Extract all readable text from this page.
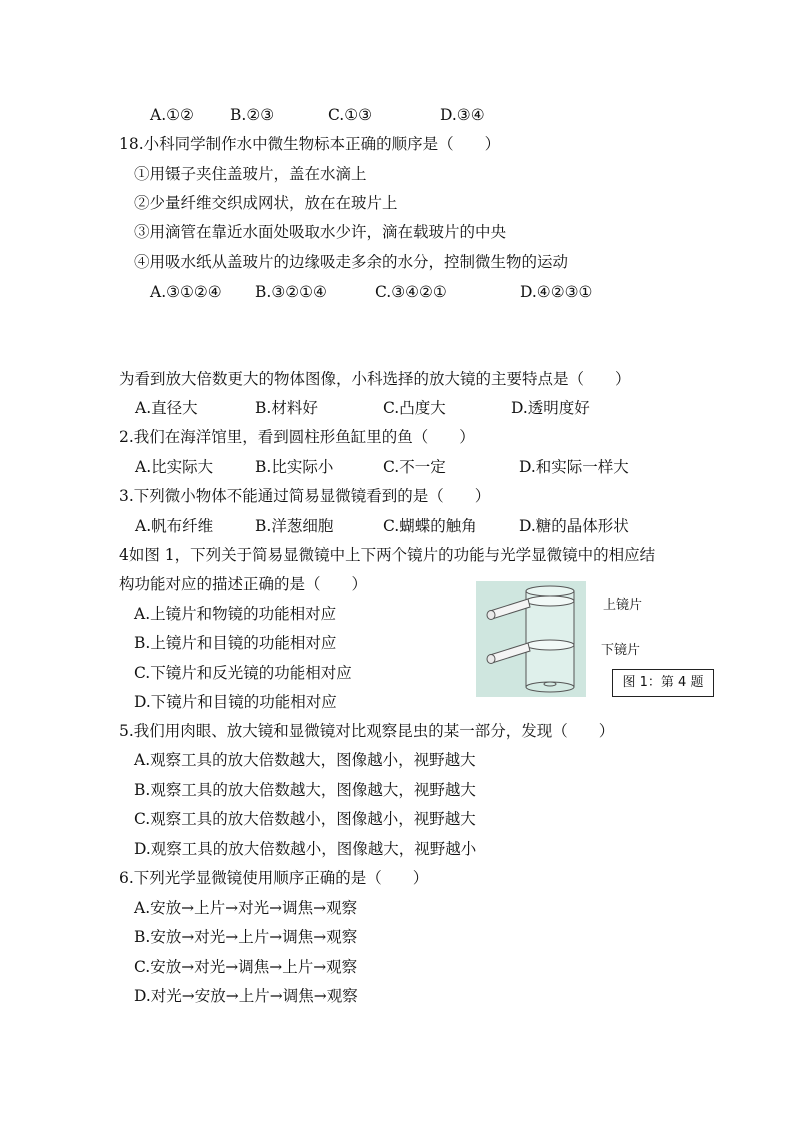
A.①② B.②③	C.①③	D.③④
18.小科同学制作水中微生物标本正确的顺序是（　　）
①用镊子夹住盖玻片，盖在水滴上
②少量纤维交织成网状，放在在玻片上
③用滴管在靠近水面处吸取水少许，滴在载玻片的中央
④用吸水纸从盖玻片的边缘吸走多余的水分，控制微生物的运动
A.③①②④ B.③②①④	C.③④②①	D.④②③①
为看到放大倍数更大的物体图像，小科选择的放大镜的主要特点是（　　）
A.直径大	B.材料好	C.凸度大	D.透明度好
2.我们在海洋馆里，看到圆柱形鱼缸里的鱼（　　）
A.比实际大	B.比实际小	C.不一定	D.和实际一样大
3.下列微小物体不能通过简易显微镜看到的是（　　）
A.帆布纤维	B.洋葱细胞	C.蝴蝶的触角	D.糖的晶体形状
4如图 1，下列关于简易显微镜中上下两个镜片的功能与光学显微镜中的相应结
构功能对应的描述正确的是（　　）
A.上镜片和物镜的功能相对应
B.上镜片和目镜的功能相对应
C.下镜片和反光镜的功能相对应
D.下镜片和目镜的功能相对应
上镜片
下镜片
图 1：第 4 题
5.我们用肉眼、放大镜和显微镜对比观察昆虫的某一部分，发现（　　）
A.观察工具的放大倍数越大，图像越小，视野越大
B.观察工具的放大倍数越大，图像越大，视野越大
C.观察工具的放大倍数越小，图像越小，视野越大
D.观察工具的放大倍数越小，图像越大，视野越小
6.下列光学显微镜使用顺序正确的是（　　）
A.安放→上片→对光→调焦→观察
B.安放→对光→上片→调焦→观察
C.安放→对光→调焦→上片→观察
D.对光→安放→上片→调焦→观察
